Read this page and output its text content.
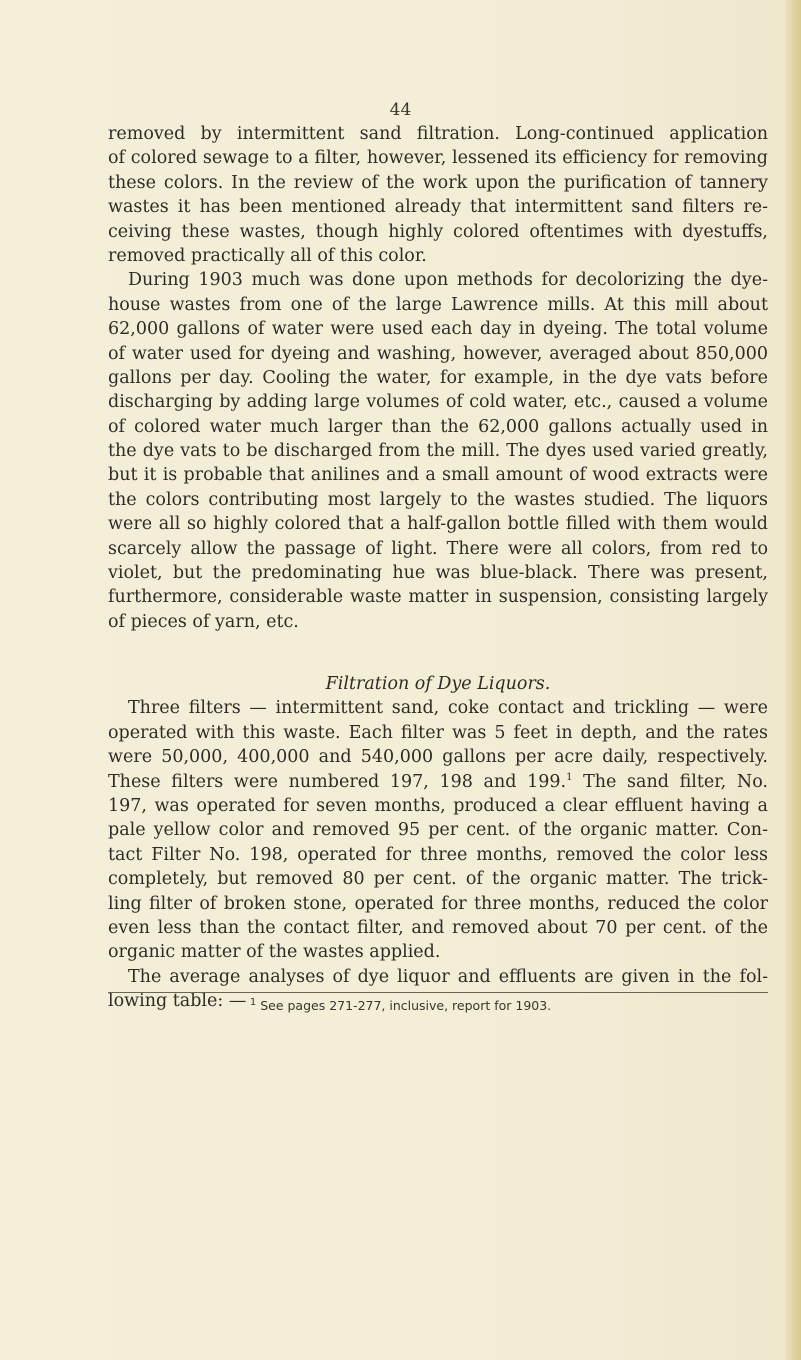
44
removed by intermittent sand filtration. Long-continued application
of colored sewage to a filter, however, lessened its efficiency for removing
these colors. In the review of the work upon the purification of tannery
wastes it has been mentioned already that intermittent sand filters re-
ceiving these wastes, though highly colored oftentimes with dyestuffs,
removed practically all of this color.
During 1903 much was done upon methods for decolorizing the dye-
house wastes from one of the large Lawrence mills. At this mill about
62,000 gallons of water were used each day in dyeing. The total volume
of water used for dyeing and washing, however, averaged about 850,000
gallons per day. Cooling the water, for example, in the dye vats before
discharging by adding large volumes of cold water, etc., caused a volume
of colored water much larger than the 62,000 gallons actually used in
the dye vats to be discharged from the mill. The dyes used varied greatly,
but it is probable that anilines and a small amount of wood extracts were
the colors contributing most largely to the wastes studied. The liquors
were all so highly colored that a half-gallon bottle filled with them would
scarcely allow the passage of light. There were all colors, from red to
violet, but the predominating hue was blue-black. There was present,
furthermore, considerable waste matter in suspension, consisting largely
of pieces of yarn, etc.
Filtration of Dye Liquors.
Three filters — intermittent sand, coke contact and trickling — were
operated with this waste. Each filter was 5 feet in depth, and the rates
were 50,000, 400,000 and 540,000 gallons per acre daily, respectively.
These filters were numbered 197, 198 and 199.$^1$ The sand filter, No.
197, was operated for seven months, produced a clear effluent having a
pale yellow color and removed 95 per cent. of the organic matter. Con-
tact Filter No. 198, operated for three months, removed the color less
completely, but removed 80 per cent. of the organic matter. The trick-
ling filter of broken stone, operated for three months, reduced the color
even less than the contact filter, and removed about 70 per cent. of the
organic matter of the wastes applied.
The average analyses of dye liquor and effluents are given in the fol-
lowing table: — $^1$ See pages 271-277, inclusive, report for 1903.
